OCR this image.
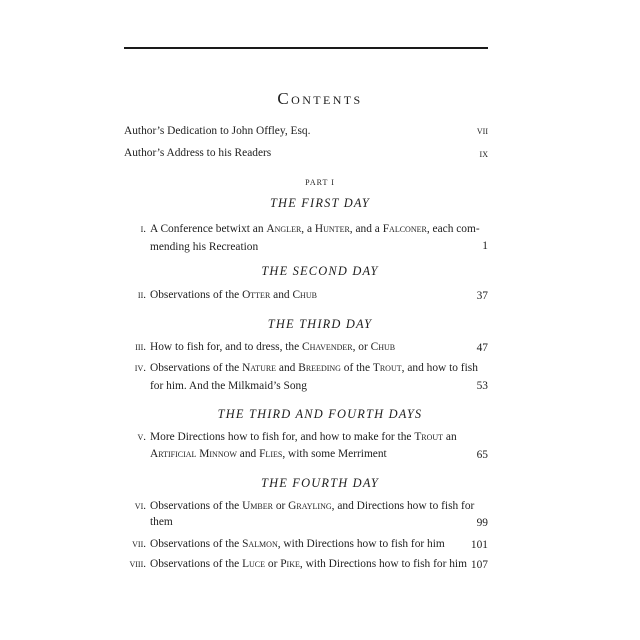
Contents
Author’s Dedication to John Offley, Esq.	vii
Author’s Address to his Readers	ix
PART I
THE FIRST DAY
i. A Conference betwixt an Angler, a Hunter, and a Falconer, each com-
mending his Recreation	1
THE SECOND DAY
ii. Observations of the Otter and Chub	37
THE THIRD DAY
iii. How to fish for, and to dress, the Chavender, or Chub	47
iv. Observations of the Nature and Breeding of the Trout, and how to fish
for him. And the Milkmaid’s Song	53
THE THIRD AND FOURTH DAYS
v. More Directions how to fish for, and how to make for the Trout an
Artificial Minnow and Flies, with some Merriment	65
THE FOURTH DAY
vi. Observations of the Umber or Grayling, and Directions how to fish for
them	99
vii. Observations of the Salmon, with Directions how to fish for him	101
viii. Observations of the Luce or Pike, with Directions how to fish for him 107
